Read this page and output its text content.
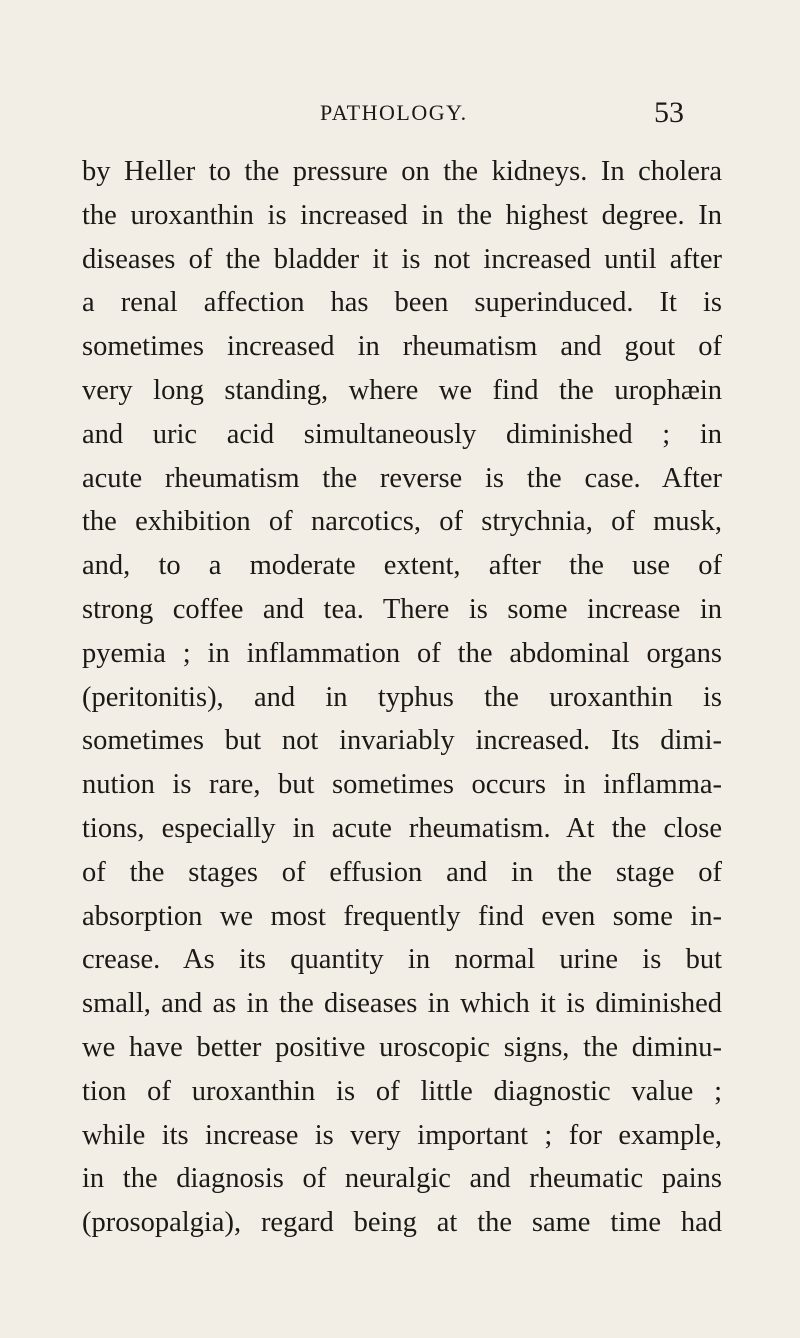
PATHOLOGY.	53
by Heller to the pressure on the kidneys. In cholera
the uroxanthin is increased in the highest degree. In
diseases of the bladder it is not increased until after
a renal affection has been superinduced. It is
sometimes increased in rheumatism and gout of
very long standing, where we find the urophæin
and uric acid simultaneously diminished ; in
acute rheumatism the reverse is the case. After
the exhibition of narcotics, of strychnia, of musk,
and, to a moderate extent, after the use of
strong coffee and tea. There is some increase in
pyemia ; in inflammation of the abdominal organs
(peritonitis), and in typhus the uroxanthin is
sometimes but not invariably increased. Its dimi-
nution is rare, but sometimes occurs in inflamma-
tions, especially in acute rheumatism. At the close
of the stages of effusion and in the stage of
absorption we most frequently find even some in-
crease. As its quantity in normal urine is but
small, and as in the diseases in which it is diminished
we have better positive uroscopic signs, the diminu-
tion of uroxanthin is of little diagnostic value ;
while its increase is very important ; for example,
in the diagnosis of neuralgic and rheumatic pains
(prosopalgia), regard being at the same time had
